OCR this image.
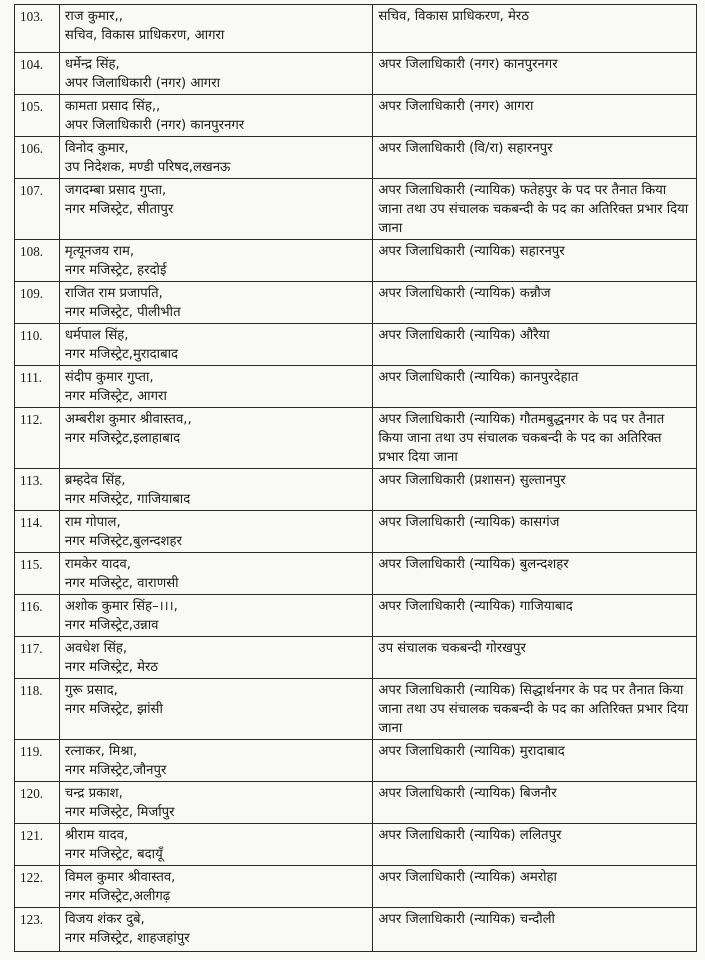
103.	राज कुमार,,
सचिव, विकास प्राधिकरण, आगरा	सचिव, विकास प्राधिकरण, मेरठ

104.	धर्मेन्द्र सिंह,
अपर जिलाधिकारी (नगर) आगरा	अपर जिलाधिकारी (नगर) कानपुरनगर

105.	कामता प्रसाद सिंह,,
अपर जिलाधिकारी (नगर) कानपुरनगर	अपर जिलाधिकारी (नगर) आगरा

106.	विनोद कुमार,
उप निदेशक, मण्डी परिषद,लखनऊ	अपर जिलाधिकारी (वि/रा) सहारनपुर

107.	जगदम्बा प्रसाद गुप्ता,
नगर मजिस्ट्रेट, सीतापुर	अपर जिलाधिकारी (न्यायिक) फतेहपुर के पद पर तैनात किया जाना तथा उप संचालक चकबन्दी के पद का अतिरिक्त प्रभार दिया जाना

108.	मृत्यूनजय राम,
नगर मजिस्ट्रेट, हरदोई	अपर जिलाधिकारी (न्यायिक) सहारनपुर

109.	राजित राम प्रजापति,
नगर मजिस्ट्रेट, पीलीभीत	अपर जिलाधिकारी (न्यायिक) कन्नौज

110.	धर्मपाल सिंह,
नगर मजिस्ट्रेट,मुरादाबाद	अपर जिलाधिकारी (न्यायिक) औरैया

111.	संदीप कुमार गुप्ता,
नगर मजिस्ट्रेट, आगरा	अपर जिलाधिकारी (न्यायिक) कानपुरदेहात

112.	अम्बरीश कुमार श्रीवास्तव,,
नगर मजिस्ट्रेट,इलाहाबाद	अपर जिलाधिकारी (न्यायिक) गौतमबुद्धनगर के पद पर तैनात किया जाना तथा उप संचालक चकबन्दी के पद का अतिरिक्त प्रभार दिया जाना

113.	ब्रम्हदेव सिंह,
नगर मजिस्ट्रेट, गाजियाबाद	अपर जिलाधिकारी (प्रशासन) सुल्तानपुर

114.	राम गोपाल,
नगर मजिस्ट्रेट,बुलन्दशहर	अपर जिलाधिकारी (न्यायिक) कासगंज

115.	रामकेर यादव,
नगर मजिस्ट्रेट, वाराणसी	अपर जिलाधिकारी (न्यायिक) बुलन्दशहर

116.	अशोक कुमार सिंह–।।।,
नगर मजिस्ट्रेट,उन्नाव	अपर जिलाधिकारी (न्यायिक) गाजियाबाद

117.	अवधेश सिंह,
नगर मजिस्ट्रेट, मेरठ	उप संचालक चकबन्दी गोरखपुर

118.	गुरू प्रसाद,
नगर मजिस्ट्रेट, झांसी	अपर जिलाधिकारी (न्यायिक) सिद्धार्थनगर के पद पर तैनात किया जाना तथा उप संचालक चकबन्दी के पद का अतिरिक्त प्रभार दिया जाना

119.	रत्नाकर, मिश्रा,
नगर मजिस्ट्रेट,जौनपुर	अपर जिलाधिकारी (न्यायिक) मुरादाबाद

120.	चन्द्र प्रकाश,
नगर मजिस्ट्रेट, मिर्जापुर	अपर जिलाधिकारी (न्यायिक) बिजनौर

121.	श्रीराम यादव,
नगर मजिस्ट्रेट, बदायूँ	अपर जिलाधिकारी (न्यायिक) ललितपुर

122.	विमल कुमार श्रीवास्तव,
नगर मजिस्ट्रेट,अलीगढ़	अपर जिलाधिकारी (न्यायिक) अमरोहा

123.	विजय शंकर दुबे,
नगर मजिस्ट्रेट, शाहजहांपुर	अपर जिलाधिकारी (न्यायिक) चन्दौली
